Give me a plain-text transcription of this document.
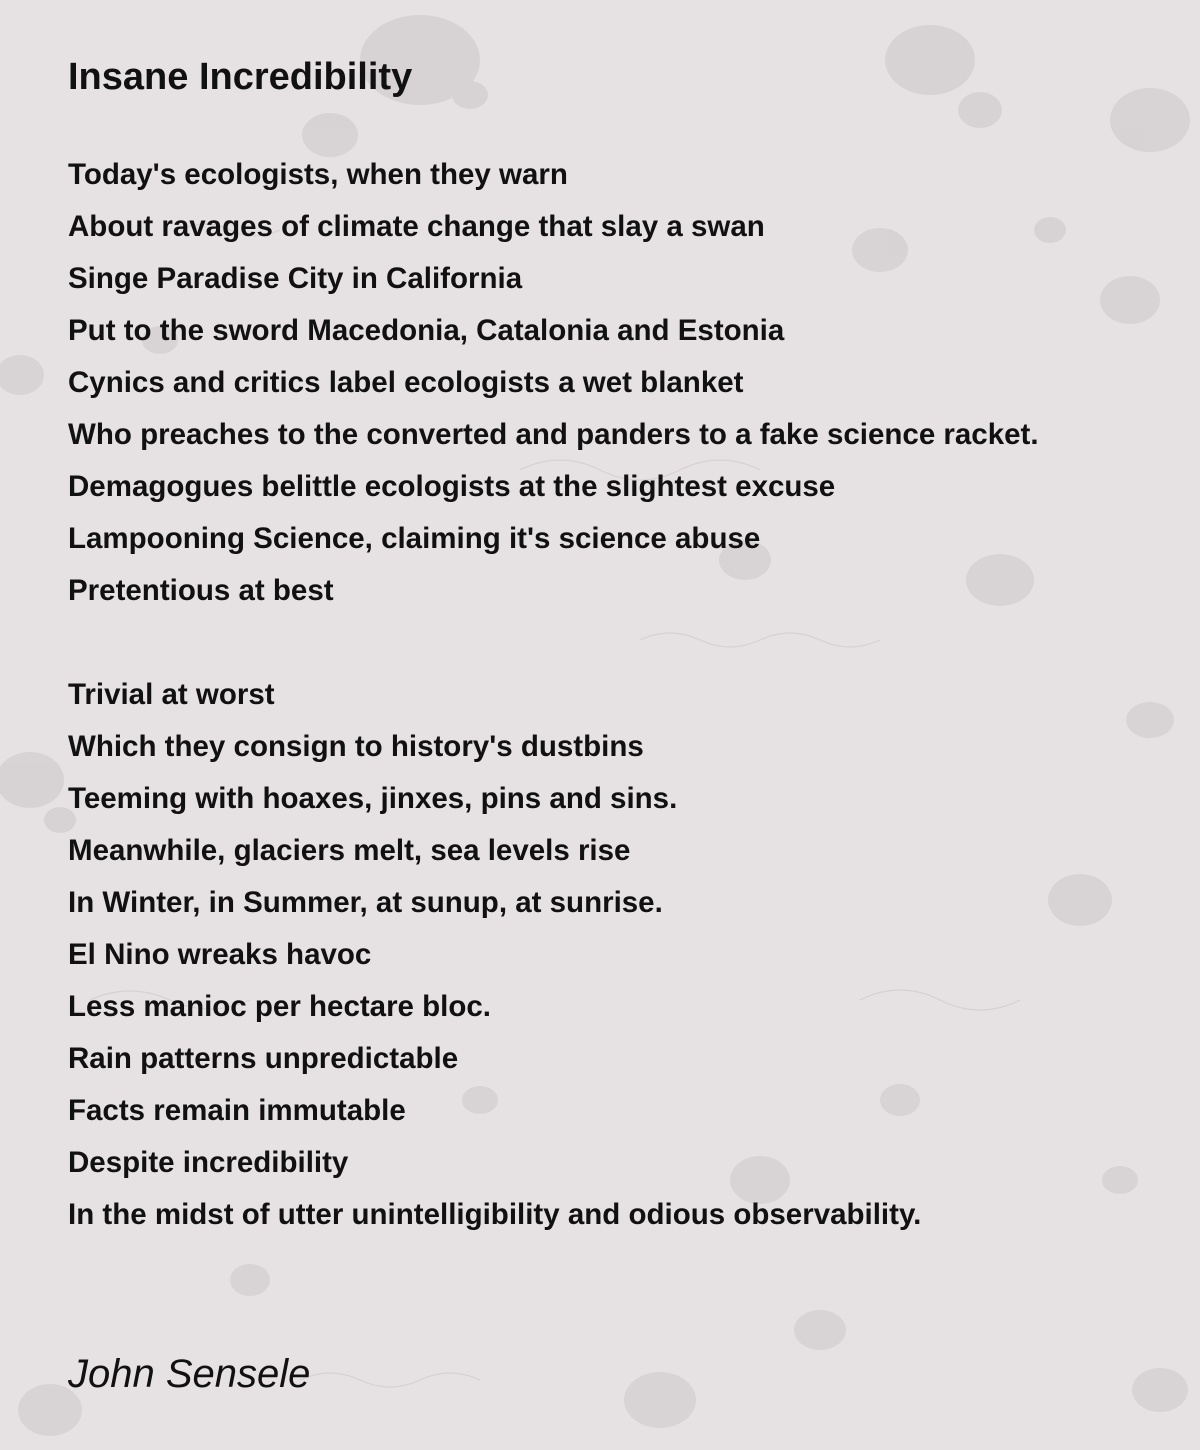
Insane Incredibility
Today's ecologists, when they warn
About ravages of climate change that slay a swan
Singe Paradise City in California
Put to the sword Macedonia, Catalonia and Estonia
Cynics and critics label ecologists a wet blanket
Who preaches to the converted and panders to a fake science racket.
Demagogues belittle ecologists at the slightest excuse
Lampooning Science, claiming it's science abuse
Pretentious at best
Trivial at worst
Which they consign to history's dustbins
Teeming with hoaxes, jinxes, pins and sins.
Meanwhile, glaciers melt, sea levels rise
In Winter, in Summer, at sunup, at sunrise.
El Nino wreaks havoc
Less manioc per hectare bloc.
Rain patterns unpredictable
Facts remain immutable
Despite incredibility
In the midst of utter unintelligibility and odious observability.
John Sensele
